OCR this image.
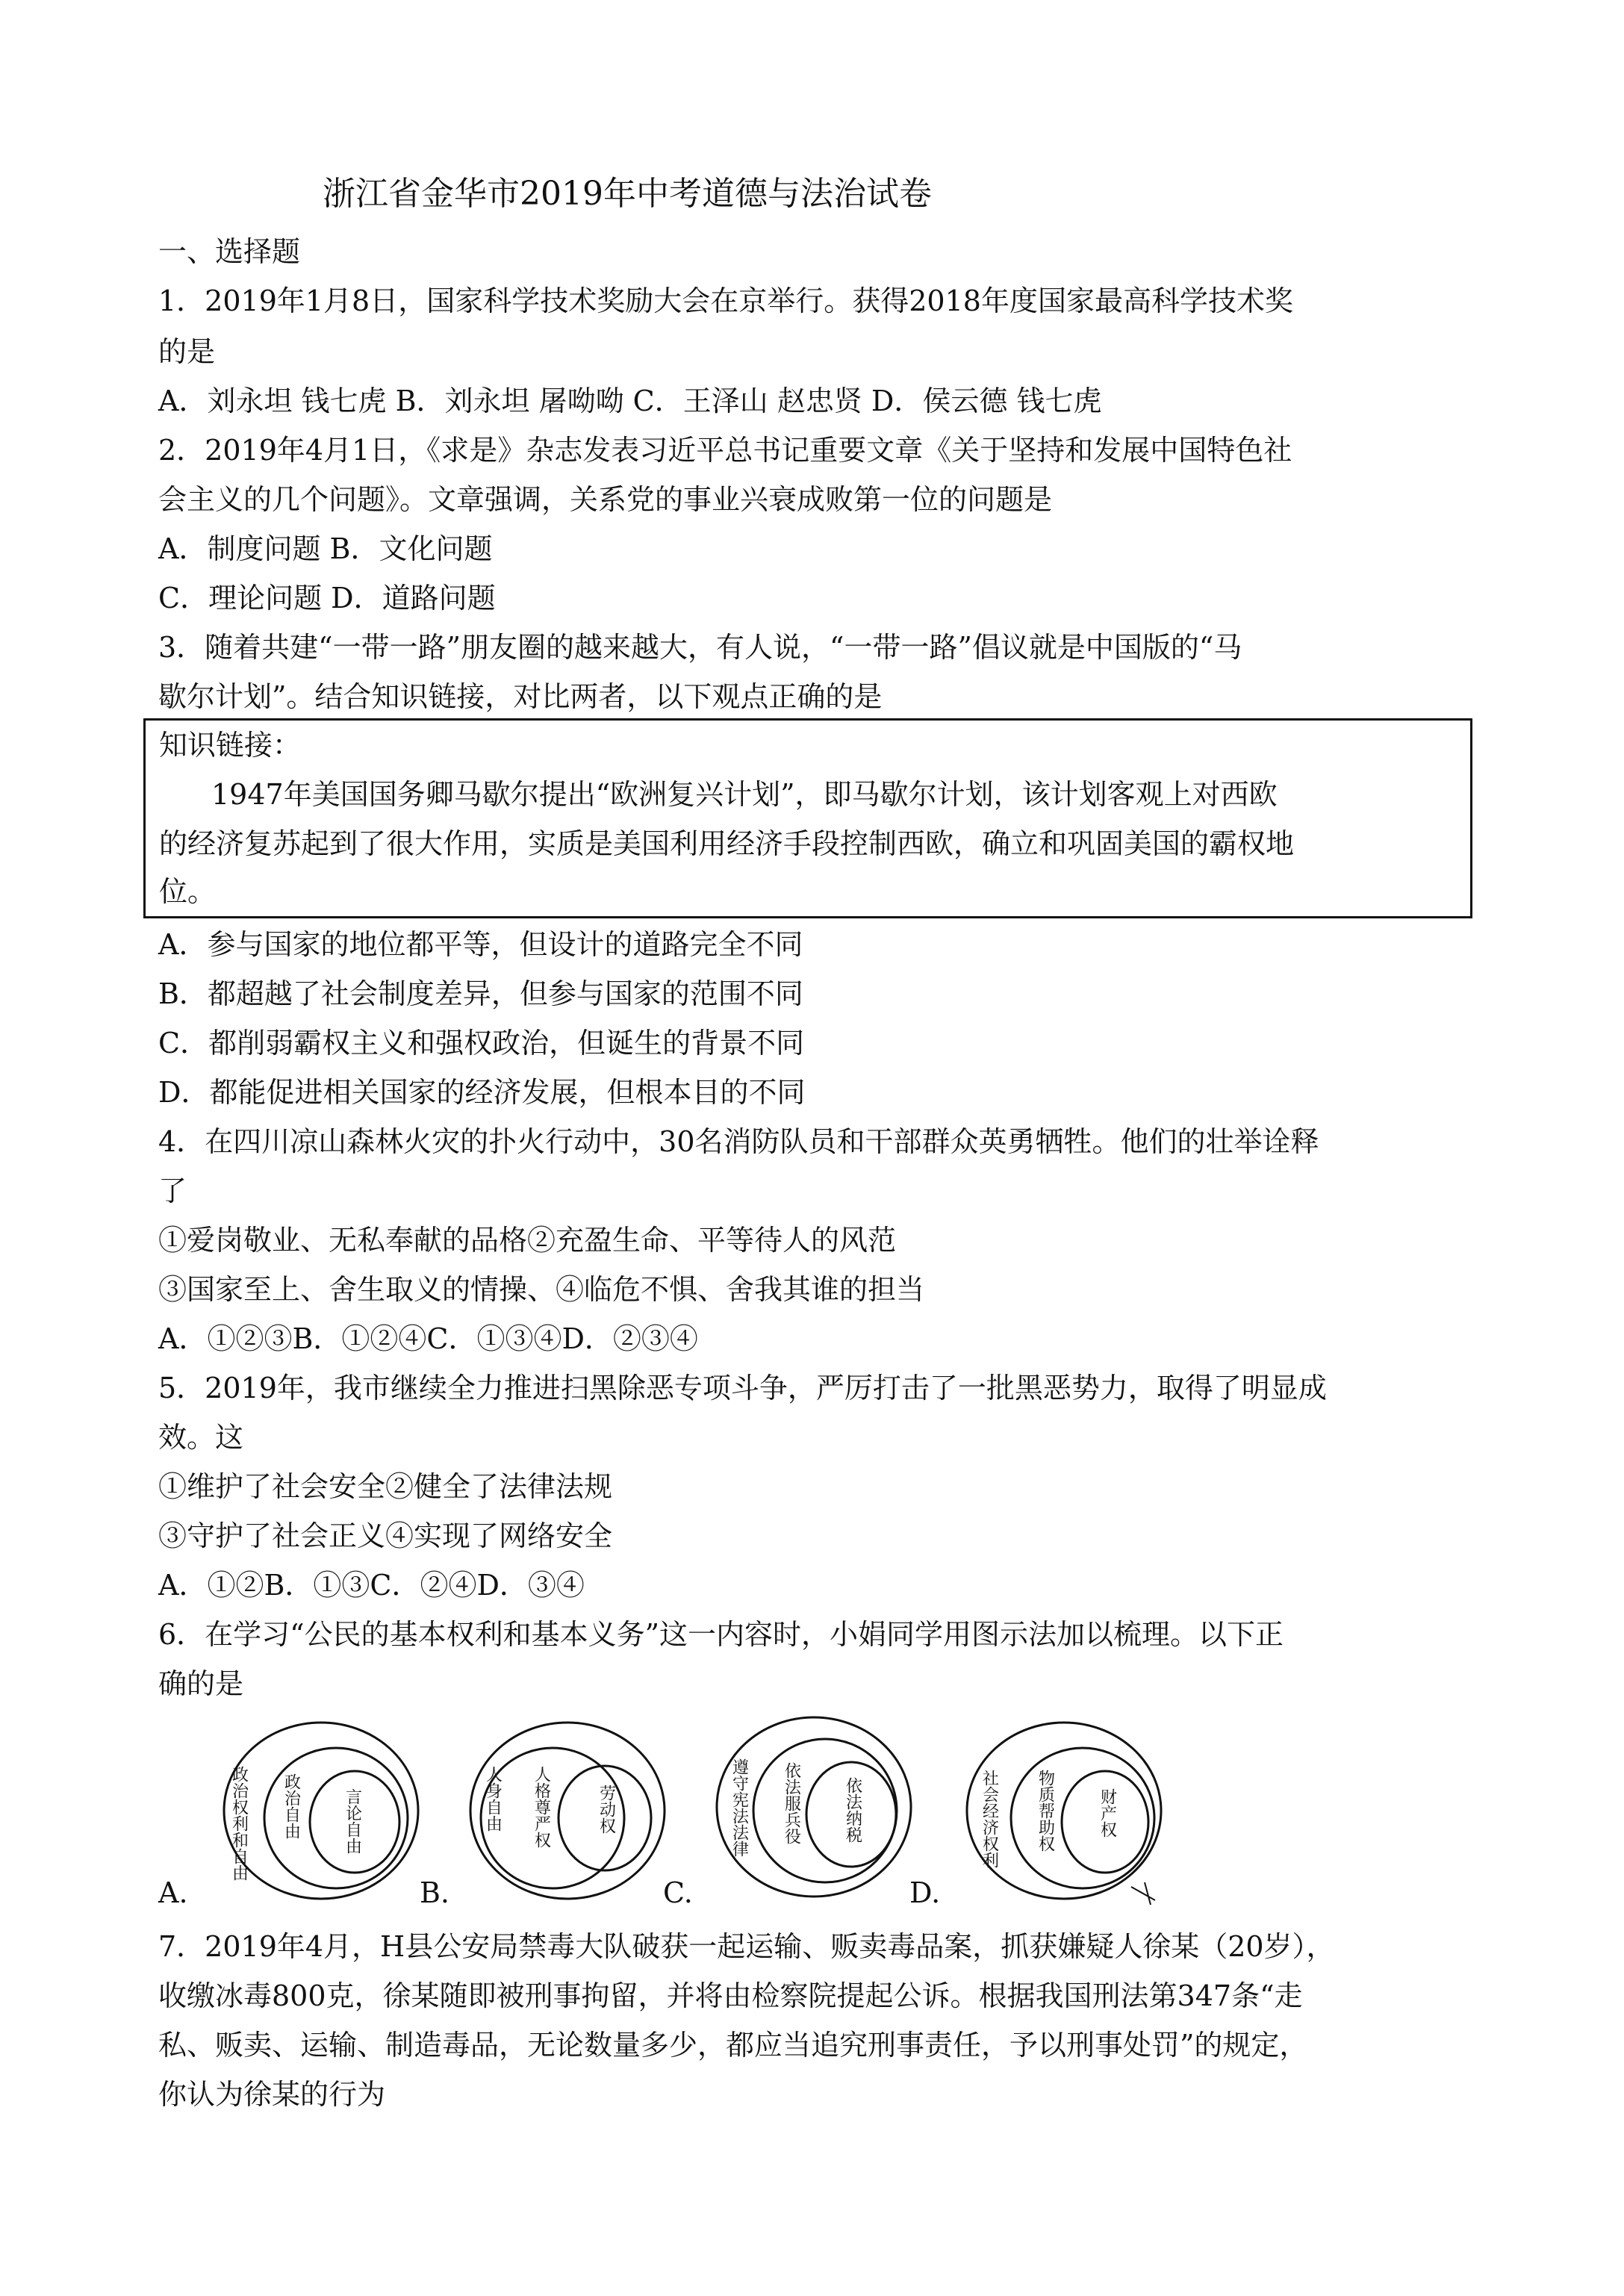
浙江省金华市2019年中考道德与法治试卷
一、选择题
1．2019年1月8日，国家科学技术奖励大会在京举行。获得2018年度国家最高科学技术奖
的是
A．刘永坦 钱七虎 B．刘永坦 屠呦呦 C．王泽山 赵忠贤 D．侯云德 钱七虎
2．2019年4月1日，《求是》杂志发表习近平总书记重要文章《关于坚持和发展中国特色社
会主义的几个问题》。文章强调，关系党的事业兴衰成败第一位的问题是
A．制度问题 B．文化问题
C．理论问题 D．道路问题
3．随着共建“一带一路”朋友圈的越来越大，有人说，“一带一路”倡议就是中国版的“马
歇尔计划”。结合知识链接，对比两者，以下观点正确的是
知识链接：
1947年美国国务卿马歇尔提出“欧洲复兴计划”，即马歇尔计划，该计划客观上对西欧
的经济复苏起到了很大作用，实质是美国利用经济手段控制西欧，确立和巩固美国的霸权地
位。
A．参与国家的地位都平等，但设计的道路完全不同
B．都超越了社会制度差异，但参与国家的范围不同
C．都削弱霸权主义和强权政治，但诞生的背景不同
D．都能促进相关国家的经济发展，但根本目的不同
4．在四川凉山森林火灾的扑火行动中，30名消防队员和干部群众英勇牺牲。他们的壮举诠释
了
①爱岗敬业、无私奉献的品格②充盈生命、平等待人的风范
③国家至上、舍生取义的情操、④临危不惧、舍我其谁的担当
A．①②③B．①②④C．①③④D．②③④
5．2019年，我市继续全力推进扫黑除恶专项斗争，严厉打击了一批黑恶势力，取得了明显成
效。这
①维护了社会安全②健全了法律法规
③守护了社会正义④实现了网络安全
A．①②B．①③C．②④D．③④
6．在学习“公民的基本权利和基本义务”这一内容时，小娟同学用图示法加以梳理。以下正
确的是
A.
政治权利和自由 政治自由	言论自由
B.
人身自由 人格尊严权	劳动权
C.
遵守宪法法律 依法服兵役	依法纳税
D.
社会经济权利 物质帮助权	财产权
7．2019年4月，H县公安局禁毒大队破获一起运输、贩卖毒品案，抓获嫌疑人徐某（20岁），
收缴冰毒800克，徐某随即被刑事拘留，并将由检察院提起公诉。根据我国刑法第347条“走
私、贩卖、运输、制造毒品，无论数量多少，都应当追究刑事责任，予以刑事处罚”的规定，
你认为徐某的行为
